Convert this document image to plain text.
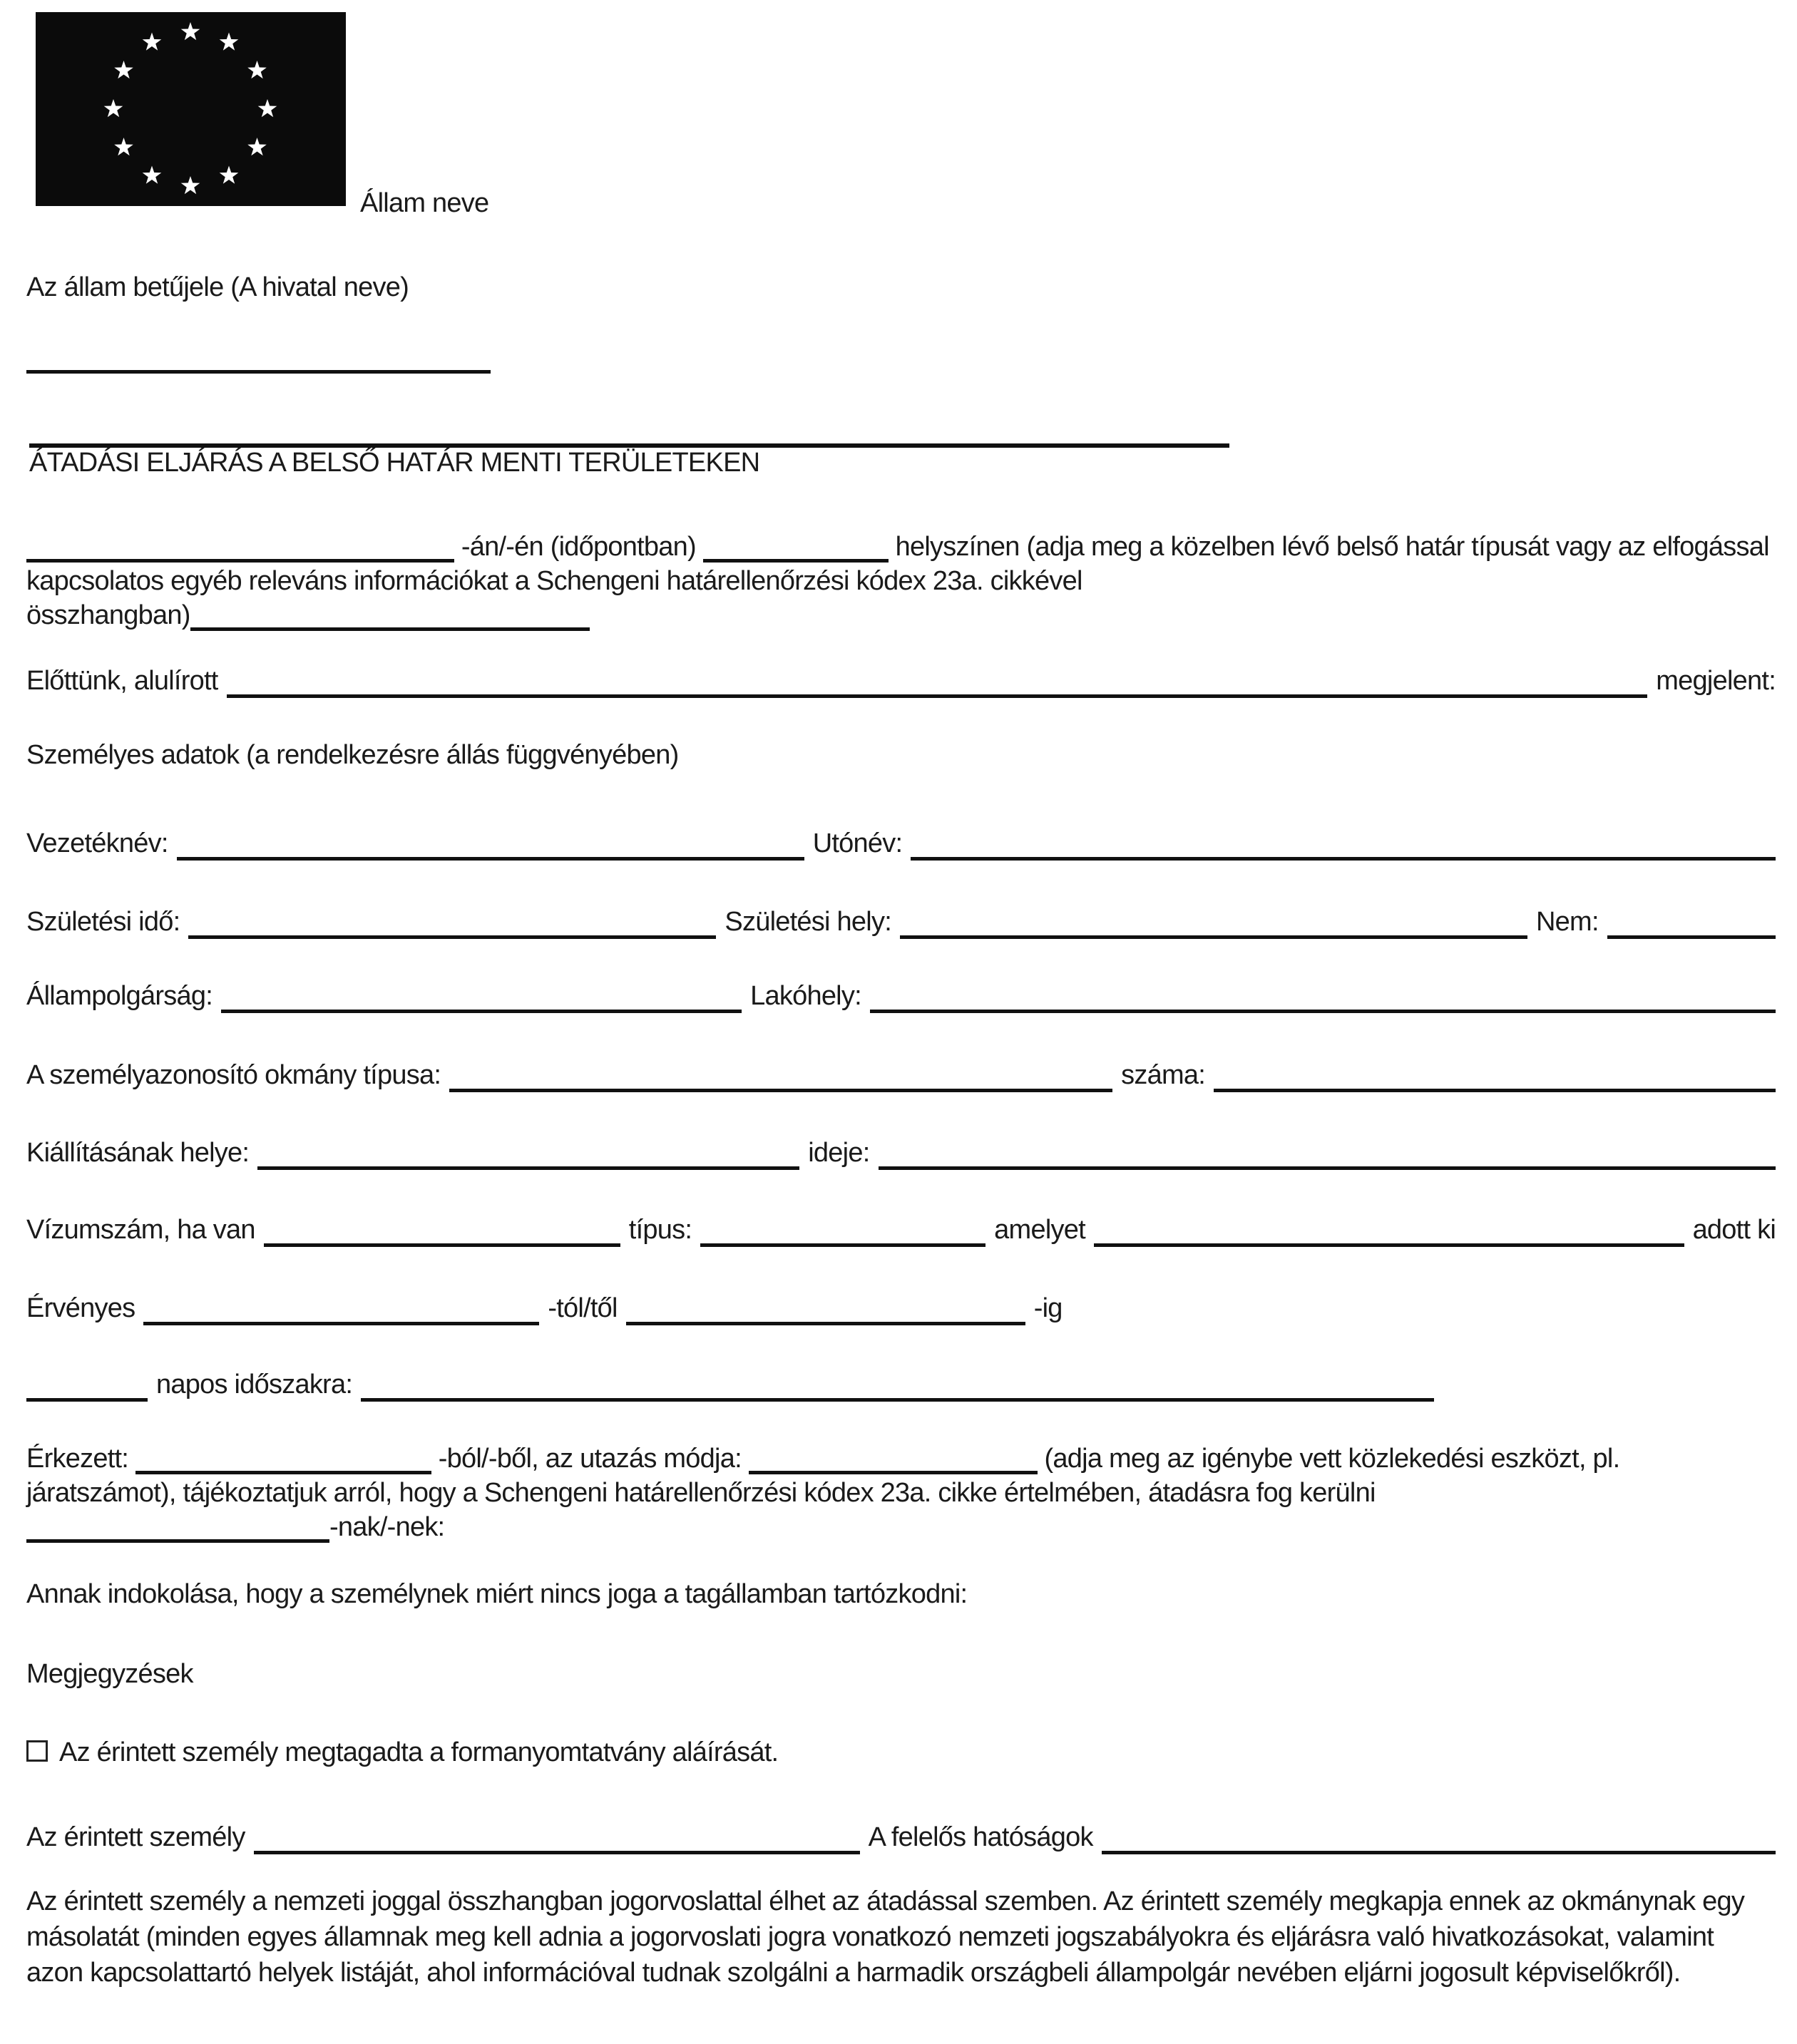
Állam neve
Az állam betűjele (A hivatal neve)
ÁTADÁSI ELJÁRÁS A BELSŐ HATÁR MENTI TERÜLETEKEN

-án/-én (időpontban)	helyszínen (adja meg a közelben lévő belső határ típusát vagy az elfogással kapcsolatos egyéb releváns információkat a Schengeni határellenőrzési kódex 23a. cikkével
összhangban)

Előttünk, alulírott	megjelent:
Személyes adatok (a rendelkezésre állás függvényében)
Vezetéknév:	Utónév:
Születési idő:	Születési hely:	Nem:
Állampolgárság:	Lakóhely:
A személyazonosító okmány típusa:	száma:
Kiállításának helye:	ideje:
Vízumszám, ha van	típus:	amelyet	adott ki
Érvényes	-tól/től	-ig
napos időszakra:

Érkezett:	-ból/-ből, az utazás módja:	(adja meg az igénybe vett közlekedési eszközt, pl. járatszámot), tájékoztatjuk arról, hogy a Schengeni határellenőrzési kódex 23a. cikke értelmében, átadásra fog kerülni
-nak/-nek:

Annak indokolása, hogy a személynek miért nincs joga a tagállamban tartózkodni:
Megjegyzések
Az érintett személy megtagadta a formanyomtatvány aláírását.
Az érintett személy	A felelős hatóságok

Az érintett személy a nemzeti joggal összhangban jogorvoslattal élhet az átadással szemben. Az érintett személy megkapja ennek az okmánynak egy másolatát (minden egyes államnak meg kell adnia a jogorvoslati jogra vonatkozó nemzeti jogszabályokra és eljárásra való hivatkozásokat, valamint azon kapcsolattartó helyek listáját, ahol információval tudnak szolgálni a harmadik országbeli állampolgár nevében eljárni jogosult képviselőkről).
